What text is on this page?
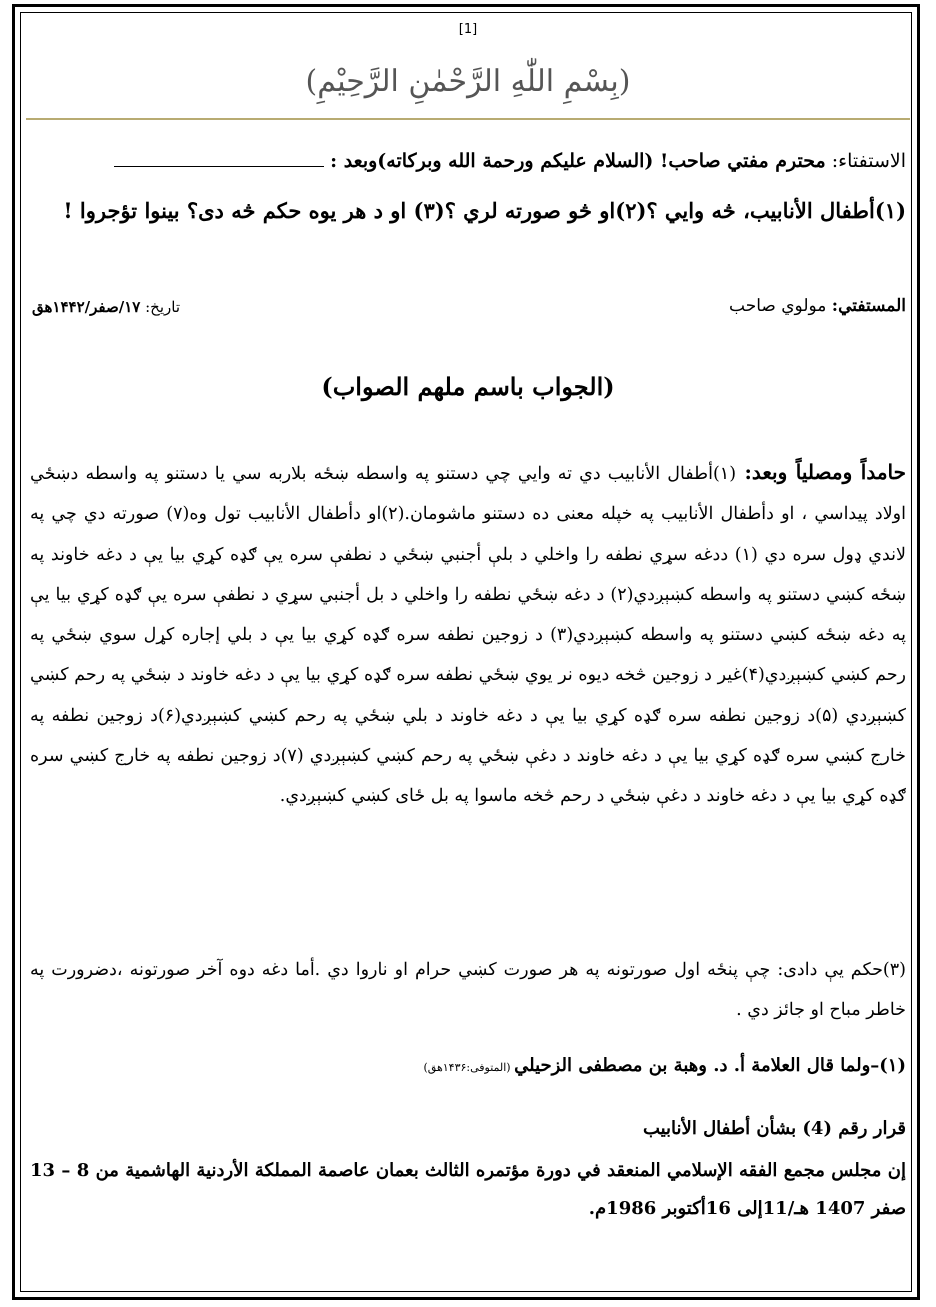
[1]
(بِسْمِ اللّٰهِ الرَّحْمٰنِ الرَّحِيْمِ)
الاستفتاء: محترم مفتي صاحب! (السلام عليكم ورحمة الله وبركاته)وبعد :
(۱)أطفال الأنابيب، څه وايي ؟(۲)او څو صورته لري ؟(۳) او د هر يوه حکم څه دى؟ بينوا تؤجروا !
المستفتي: مولوي صاحب
تاريخ: ۱۷/صفر/۱۴۴۲هق
(الجواب باسم ملهم الصواب)
حامداً ومصلياً وبعد: (۱)أطفال الأنابيب دي ته وايي چي دستنو په واسطه ښځه بلاربه سي يا دستنو په واسطه دښځي اولاد پيداسي ، او دأطفال الأنابيب په خپله معنی ده دستنو ماشومان.(۲)او دأطفال الأنابيب تول وه(۷) صورته دي چي په لاندي ډول سره دي (۱) ددغه سړي نطفه را واخلي د بلې أجنبي ښځي د نطفې سره يې ګډه کړي بيا يې د دغه خاوند په ښځه کښي دستنو په واسطه کښېږدي(۲) د دغه ښځي نطفه را واخلي د بل أجنبي سړي د نطفې سره يې ګډه کړي بيا يې په دغه ښځه کښي دستنو په واسطه کښېږدي(۳) د زوجين نطفه سره ګډه کړي بيا يې د بلي إجاره کړل سوي ښځي په رحم کښي کښېږدي(۴)غير د زوجين څخه ديوه نر يوي ښځي نطفه سره ګډه کړي بيا يې د دغه خاوند د ښځي په رحم کښي کښېږدي (۵)د زوجين نطفه سره ګډه کړي بيا يې د دغه خاوند د بلي ښځي په رحم کښي کښېږدي(۶)د زوجين نطفه په خارج کښي سره ګډه کړي بيا يې د دغه خاوند د دغې ښځي په رحم کښي کښېږدي (۷)د زوجين نطفه په خارج کښي سره ګډه کړي بيا يې د دغه خاوند د دغې ښځي د رحم څخه ماسوا په بل ځای کښي کښېږدي.
(۳)حکم يې دادى: چې پنځه اول صورتونه په هر صورت کښي حرام او ناروا دي .أما دغه دوه آخر صورتونه ،دضرورت په خاطر مباح او جائز دي .
(۱)–ولما قال العلامة أ. د. وهبة بن مصطفى الزحيلي (المتوفى:۱۴۳۶هق)
قرار رقم (4) بشأن أطفال الأنابيب
إن مجلس مجمع الفقه الإسلامي المنعقد في دورة مؤتمره الثالث بعمان عاصمة المملكة الأردنية الهاشمية من 8 – 13 صفر 1407 هـ/11إلى 16أكتوبر 1986م.
